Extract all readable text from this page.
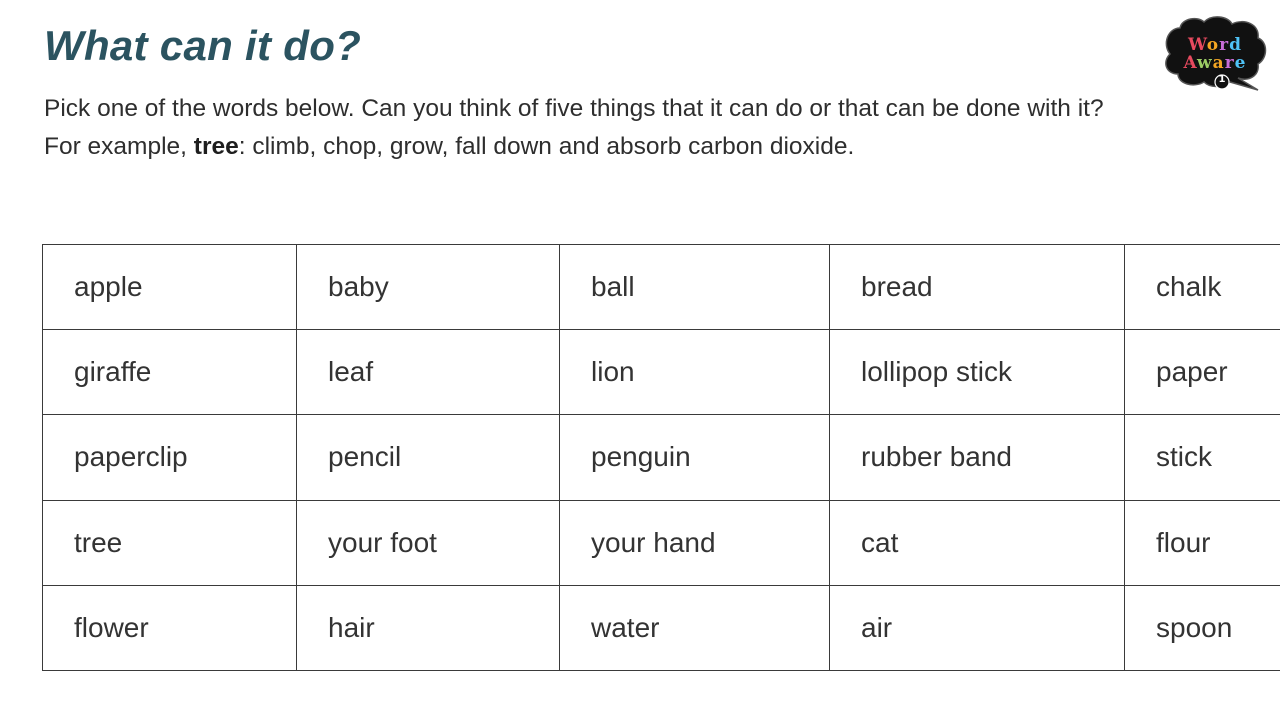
What can it do?

Pick one of the words below. Can you think of five things that it can do or that can be done with it?

For example, tree: climb, chop, grow, fall down and absorb carbon dioxide.

Word
Aware
1
apple	baby	ball	bread	chalk
giraffe	leaf	lion	lollipop stick	paper
paperclip	pencil	penguin	rubber band	stick
tree	your foot	your hand	cat	flour
flower	hair	water	air	spoon
